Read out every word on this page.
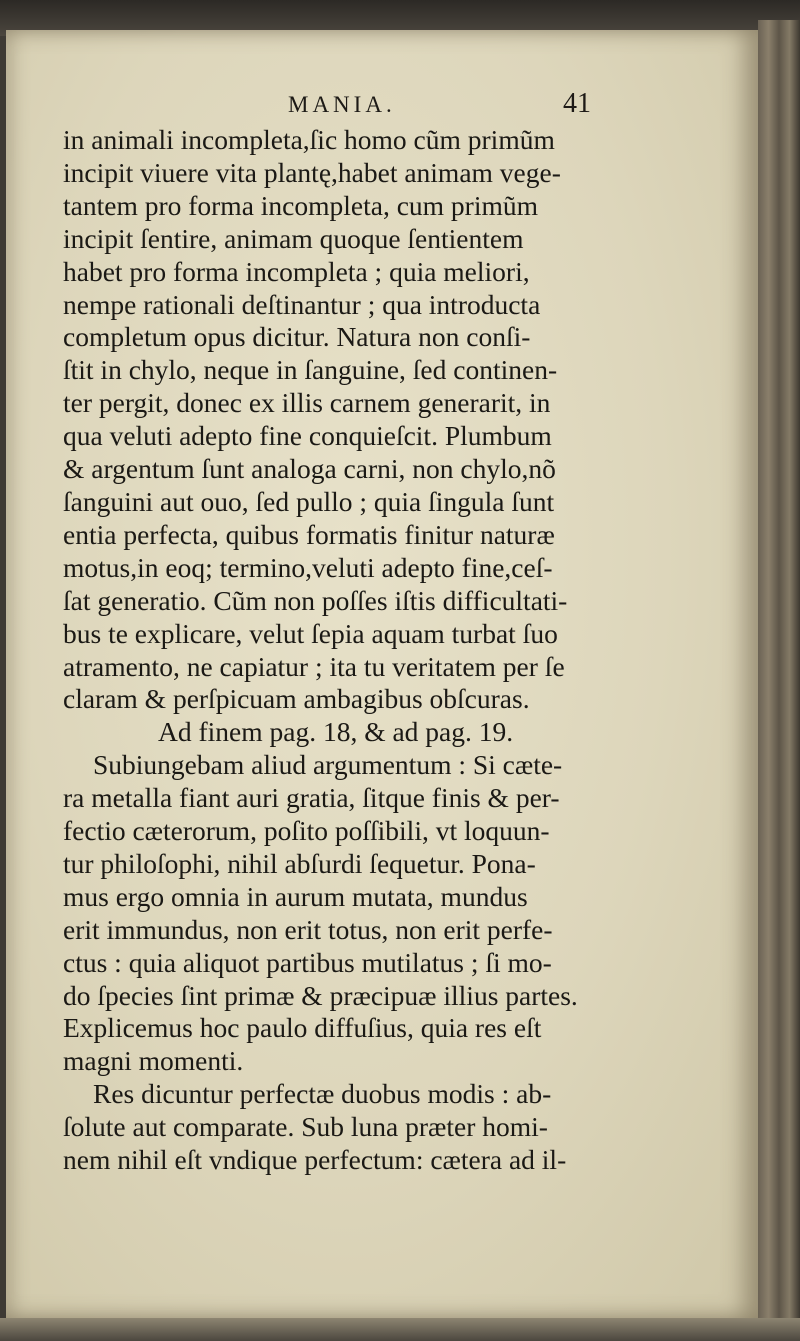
MANIA.	41
in animali incompleta,ſic homo cũm primũm
incipit viuere vita plantę,habet animam vege-
tantem pro forma incompleta, cum primũm
incipit ſentire, animam quoque ſentientem
habet pro forma incompleta ; quia meliori,
nempe rationali deſtinantur ; qua introducta
completum opus dicitur. Natura non conſi-
ſtit in chylo, neque in ſanguine, ſed continen-
ter pergit, donec ex illis carnem generarit, in
qua veluti adepto fine conquieſcit. Plumbum
& argentum ſunt analoga carni, non chylo,nõ
ſanguini aut ouo, ſed pullo ; quia ſingula ſunt
entia perfecta, quibus formatis finitur naturæ
motus,in eoq; termino,veluti adepto fine,ceſ-
ſat generatio. Cũm non poſſes iſtis difficultati-
bus te explicare, velut ſepia aquam turbat ſuo
atramento, ne capiatur ; ita tu veritatem per ſe
claram & perſpicuam ambagibus obſcuras.
Ad finem pag. 18, & ad pag. 19.
Subiungebam aliud argumentum : Si cæte-
ra metalla fiant auri gratia, ſitque finis & per-
fectio cæterorum, poſito poſſibili, vt loquun-
tur philoſophi, nihil abſurdi ſequetur. Pona-
mus ergo omnia in aurum mutata, mundus
erit immundus, non erit totus, non erit perfe-
ctus : quia aliquot partibus mutilatus ; ſi mo-
do ſpecies ſint primæ & præcipuæ illius partes.
Explicemus hoc paulo diffuſius, quia res eſt
magni momenti.
Res dicuntur perfectæ duobus modis : ab-
ſolute aut comparate. Sub luna præter homi-
nem nihil eſt vndique perfectum: cætera ad il-
